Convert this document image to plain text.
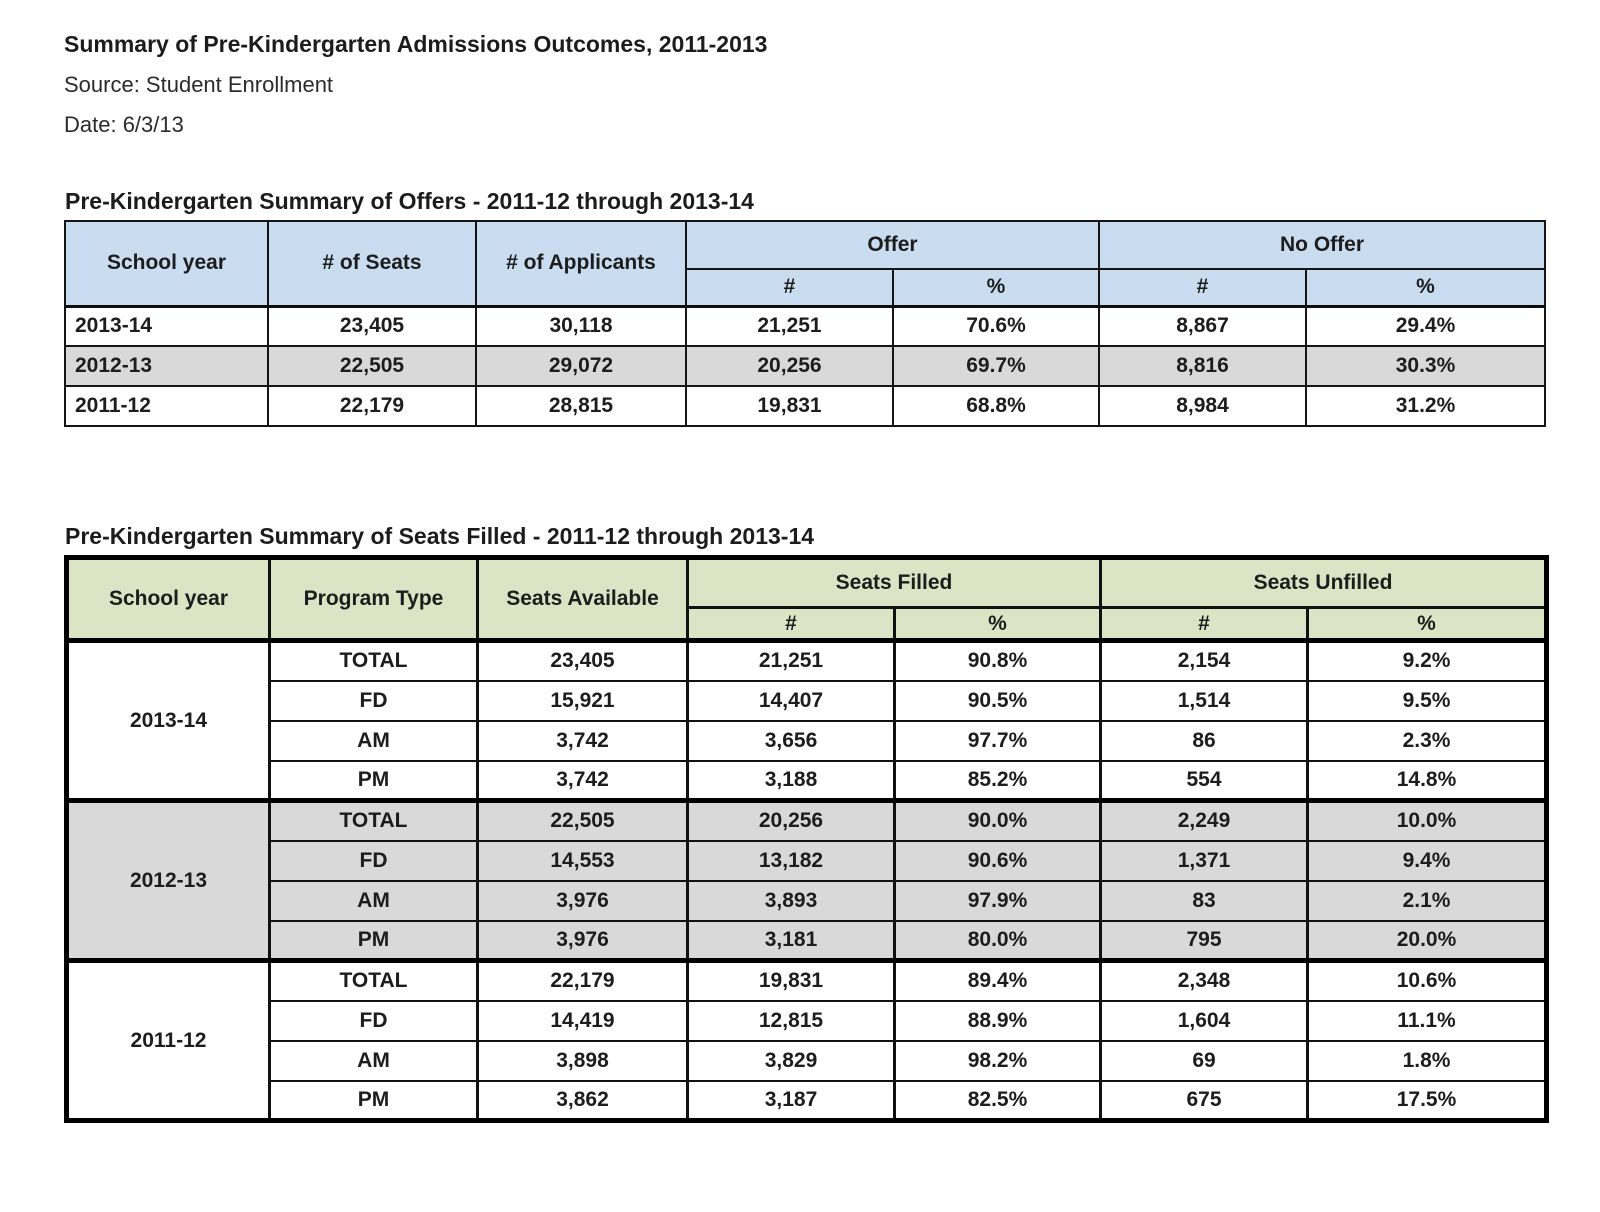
Summary of Pre-Kindergarten Admissions Outcomes, 2011-2013

Source: Student Enrollment

Date: 6/3/13

Pre-Kindergarten Summary of Offers - 2011-12 through 2013-14

School year	# of Seats	# of Applicants	Offer		No Offer	
			#	%	#	%
2013-14	23,405	30,118	21,251	70.6%	8,867	29.4%
2012-13	22,505	29,072	20,256	69.7%	8,816	30.3%
2011-12	22,179	28,815	19,831	68.8%	8,984	31.2%

Pre-Kindergarten Summary of Seats Filled - 2011-12 through 2013-14

School year	Program Type	Seats Available	Seats Filled		Seats Unfilled	
			#	%	#	%
2013-14	TOTAL	23,405	21,251	90.8%	2,154	9.2%
	FD	15,921	14,407	90.5%	1,514	9.5%
	AM	3,742	3,656	97.7%	86	2.3%
	PM	3,742	3,188	85.2%	554	14.8%
2012-13	TOTAL	22,505	20,256	90.0%	2,249	10.0%
	FD	14,553	13,182	90.6%	1,371	9.4%
	AM	3,976	3,893	97.9%	83	2.1%
	PM	3,976	3,181	80.0%	795	20.0%
2011-12	TOTAL	22,179	19,831	89.4%	2,348	10.6%
	FD	14,419	12,815	88.9%	1,604	11.1%
	AM	3,898	3,829	98.2%	69	1.8%
	PM	3,862	3,187	82.5%	675	17.5%
